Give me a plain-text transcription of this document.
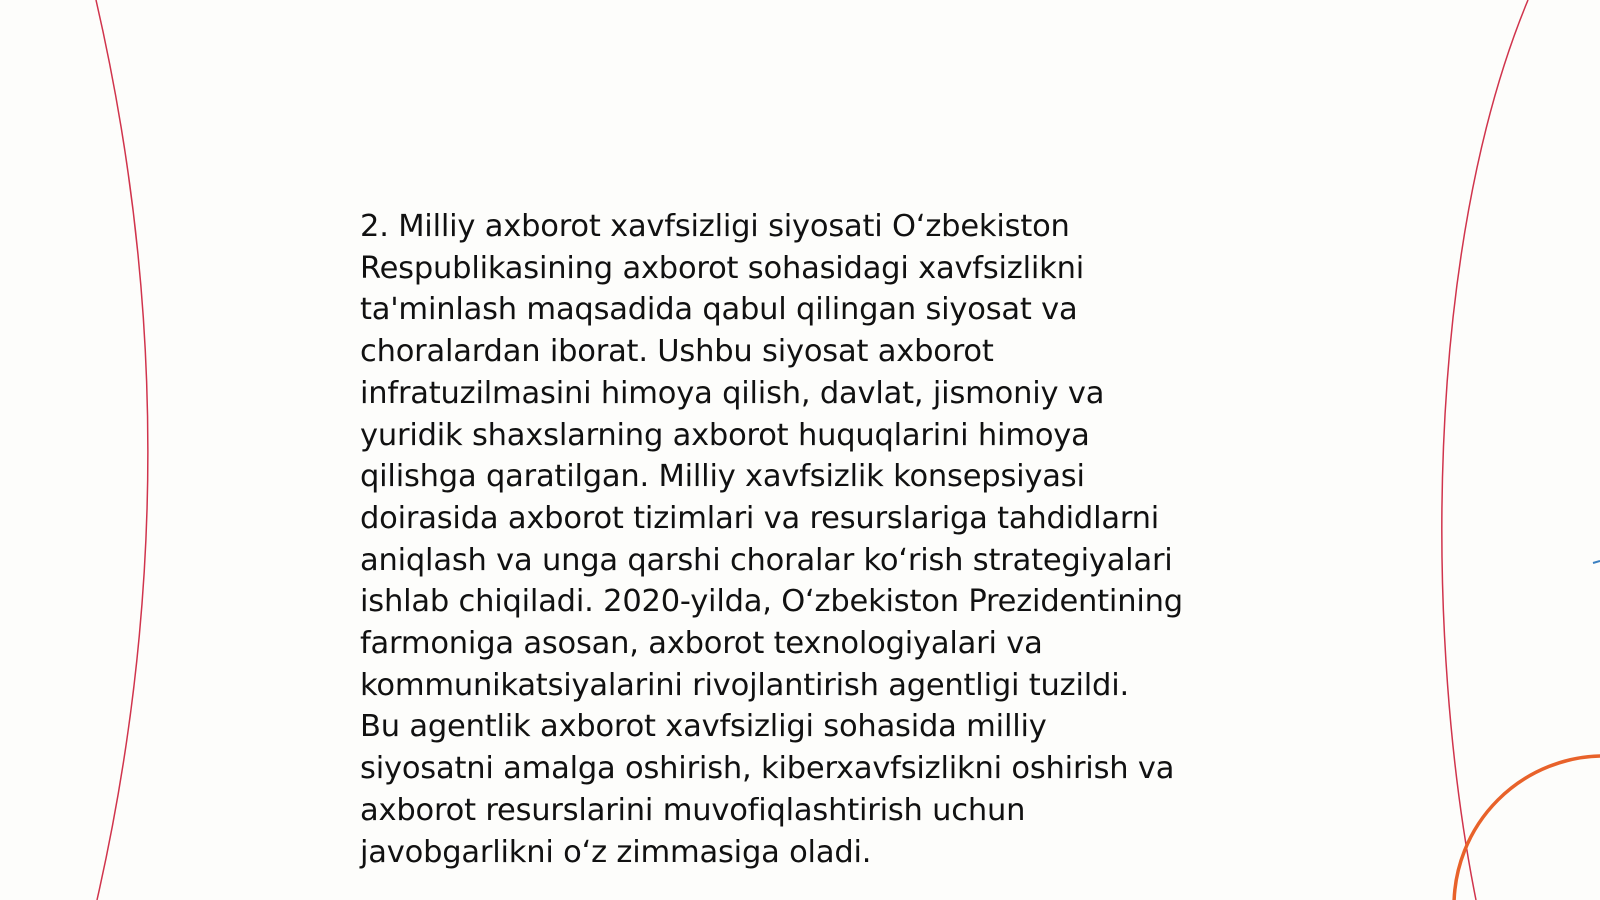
2. Milliy axborot xavfsizligi siyosati O‘zbekiston
Respublikasining axborot sohasidagi xavfsizlikni
ta'minlash maqsadida qabul qilingan siyosat va
choralardan iborat. Ushbu siyosat axborot
infratuzilmasini himoya qilish, davlat, jismoniy va
yuridik shaxslarning axborot huquqlarini himoya
qilishga qaratilgan. Milliy xavfsizlik konsepsiyasi
doirasida axborot tizimlari va resurslariga tahdidlarni
aniqlash va unga qarshi choralar ko‘rish strategiyalari
ishlab chiqiladi. 2020-yilda, O‘zbekiston Prezidentining
farmoniga asosan, axborot texnologiyalari va
kommunikatsiyalarini rivojlantirish agentligi tuzildi.
Bu agentlik axborot xavfsizligi sohasida milliy
siyosatni amalga oshirish, kiberxavfsizlikni oshirish va
axborot resurslarini muvofiqlashtirish uchun
javobgarlikni o‘z zimmasiga oladi.
